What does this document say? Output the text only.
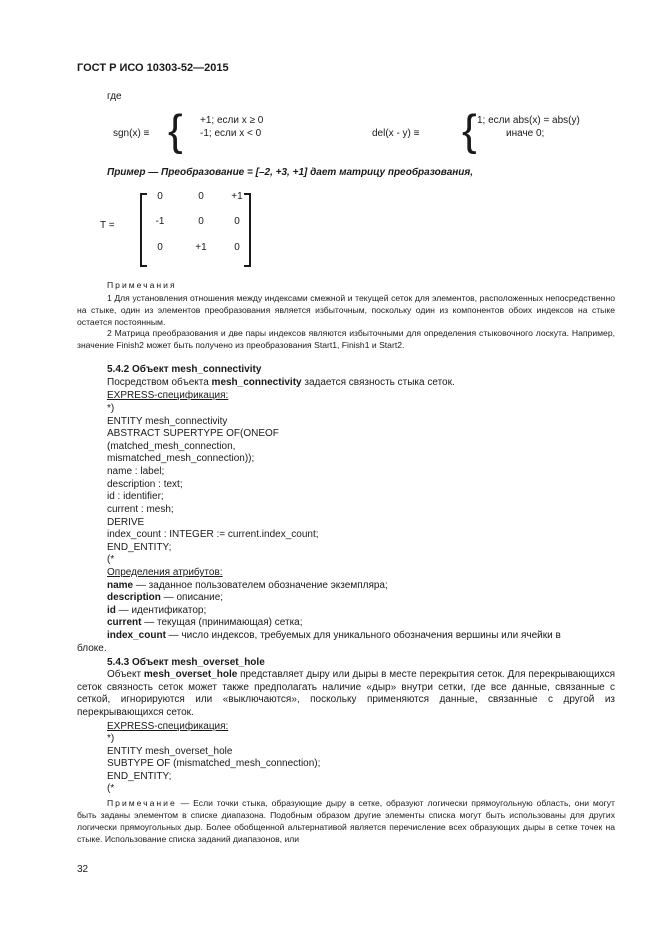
ГОСТ Р ИСО 10303-52—2015
где
sgn(x) ≡ { +1; если x ≥ 0
-1; если x < 0	del(x - y) ≡ { 1; если abs(x) = abs(y)
иначе 0;
Пример — Преобразование = [–2, +3, +1] дает матрицу преобразования,
T =
0	0	+1
-1	0	0
0	+1	0
Примечания
1 Для установления отношения между индексами смежной и текущей сеток для элементов, расположенных непосредственно на стыке, один из элементов преобразования является избыточным, поскольку один из компонентов обоих индексов на стыке остается постоянным.
2 Матрица преобразования и две пары индексов являются избыточными для определения стыковочного лоскута. Например, значение Finish2 может быть получено из преобразования Start1, Finish1 и Start2.
5.4.2 Объект mesh_connectivity
Посредством объекта mesh_connectivity задается связность стыка сеток.
EXPRESS-спецификация:
*)
ENTITY mesh_connectivity
ABSTRACT SUPERTYPE OF(ONEOF
(matched_mesh_connection,
mismatched_mesh_connection));
name : label;
description : text;
id : identifier;
current : mesh;
DERIVE
index_count : INTEGER := current.index_count;
END_ENTITY;
(*
Определения атрибутов:
name — заданное пользователем обозначение экземпляра;
description — описание;
id — идентификатор;
current — текущая (принимающая) сетка;
index_count — число индексов, требуемых для уникального обозначения вершины или ячейки в
блоке.
5.4.3 Объект mesh_overset_hole
Объект mesh_overset_hole представляет дыру или дыры в месте перекрытия сеток. Для перекрывающихся сеток связность сеток может также предполагать наличие «дыр» внутри сетки, где все данные, связанные с сеткой, игнорируются или «выключаются», поскольку применяются данные, связанные с другой из перекрывающихся сеток.
EXPRESS-спецификация:
*)
ENTITY mesh_overset_hole
SUBTYPE OF (mismatched_mesh_connection);
END_ENTITY;
(*
Примечание — Если точки стыка, образующие дыру в сетке, образуют логически прямоугольную область, они могут быть заданы элементом в списке диапазона. Подобным образом другие элементы списка могут быть использованы для других логически прямоугольных дыр. Более обобщенной альтернативой является перечисление всех образующих дыры в сетке точек на стыке. Использование списка заданий диапазонов, или
32
